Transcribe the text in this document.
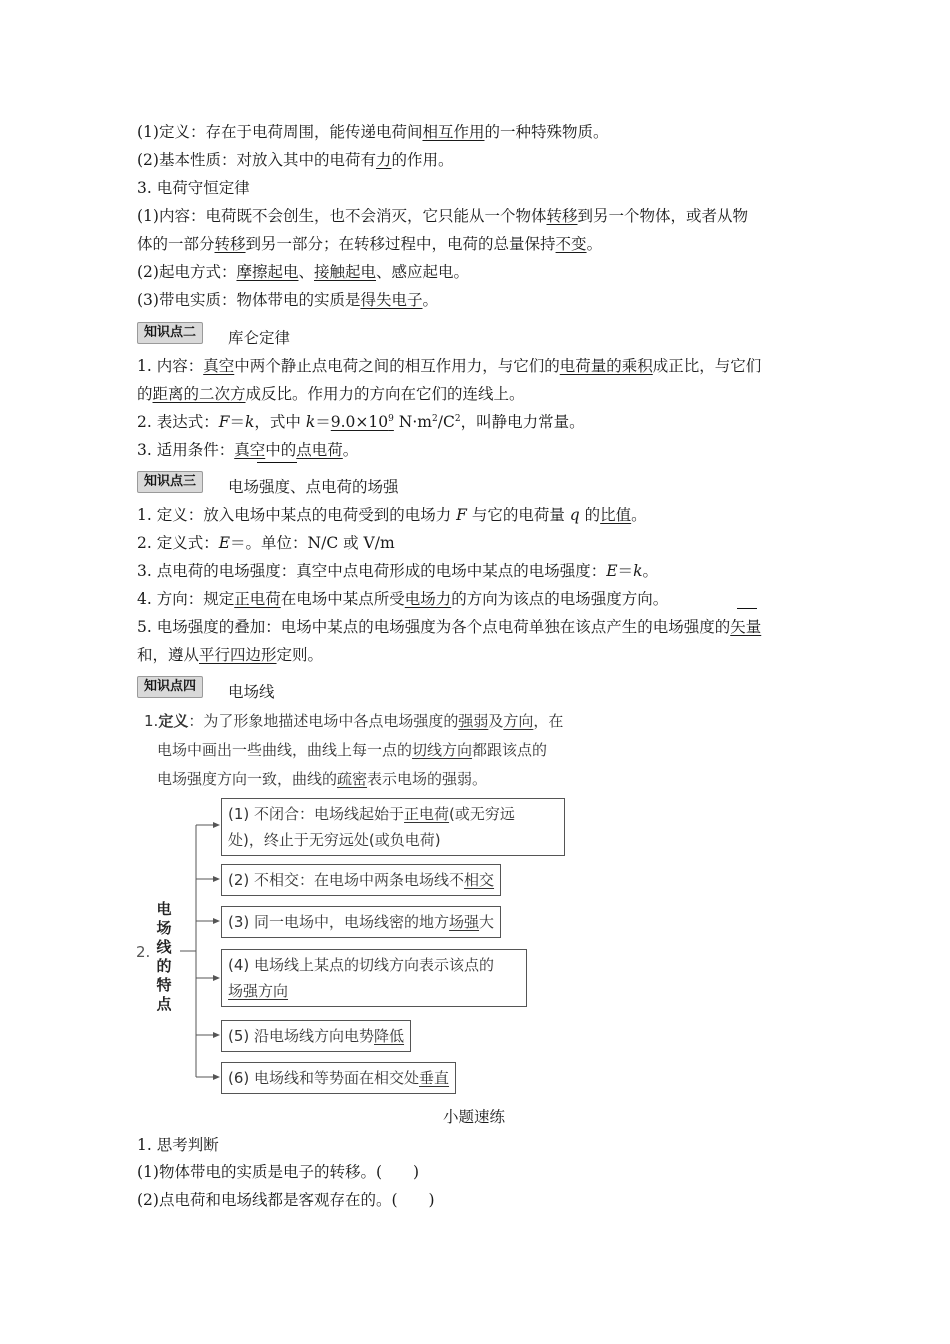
(1)定义：存在于电荷周围，能传递电荷间相互作用的一种特殊物质。
(2)基本性质：对放入其中的电荷有力的作用。
3. 电荷守恒定律
(1)内容：电荷既不会创生，也不会消灭，它只能从一个物体转移到另一个物体，或者从物
体的一部分转移到另一部分；在转移过程中，电荷的总量保持不变。
(2)起电方式：摩擦起电、接触起电、感应起电。
(3)带电实质：物体带电的实质是得失电子。
知识点二	库仑定律
1. 内容：真空中两个静止点电荷之间的相互作用力，与它们的电荷量的乘积成正比，与它们
的距离的二次方成反比。作用力的方向在它们的连线上。
2. 表达式：F＝k，式中 $k=9.0\times 10^9$ $N\cdot m^2/C^2$，叫静电力常量。
3. 适用条件：真空中的点电荷。
知识点三	电场强度、点电荷的场强
1. 定义：放入电场中某点的电荷受到的电场力 F 与它的电荷量 q 的比值。
2. 定义式：E＝。单位：N/C 或 V/m
3. 点电荷的电场强度：真空中点电荷形成的电场中某点的电场强度：E＝k。
4. 方向：规定正电荷在电场中某点所受电场力的方向为该点的电场强度方向。
5. 电场强度的叠加：电场中某点的电场强度为各个点电荷单独在该点产生的电场强度的矢量
和，遵从平行四边形定则。
知识点四	电场线
1.定义：为了形象地描述电场中各点电场强度的强弱及方向，在
电场中画出一些曲线，曲线上每一点的切线方向都跟该点的
电场强度方向一致，曲线的疏密表示电场的强弱。
2.
电
场
线
的
特
点
(1) 不闭合：电场线起始于正电荷(或无穷远
处)，终止于无穷远处(或负电荷)
(2) 不相交：在电场中两条电场线不相交
(3) 同一电场中，电场线密的地方场强大
(4) 电场线上某点的切线方向表示该点的
场强方向
(5) 沿电场线方向电势降低
(6) 电场线和等势面在相交处垂直
小题速练
1. 思考判断
(1)物体带电的实质是电子的转移。(　　)
(2)点电荷和电场线都是客观存在的。(　　)
